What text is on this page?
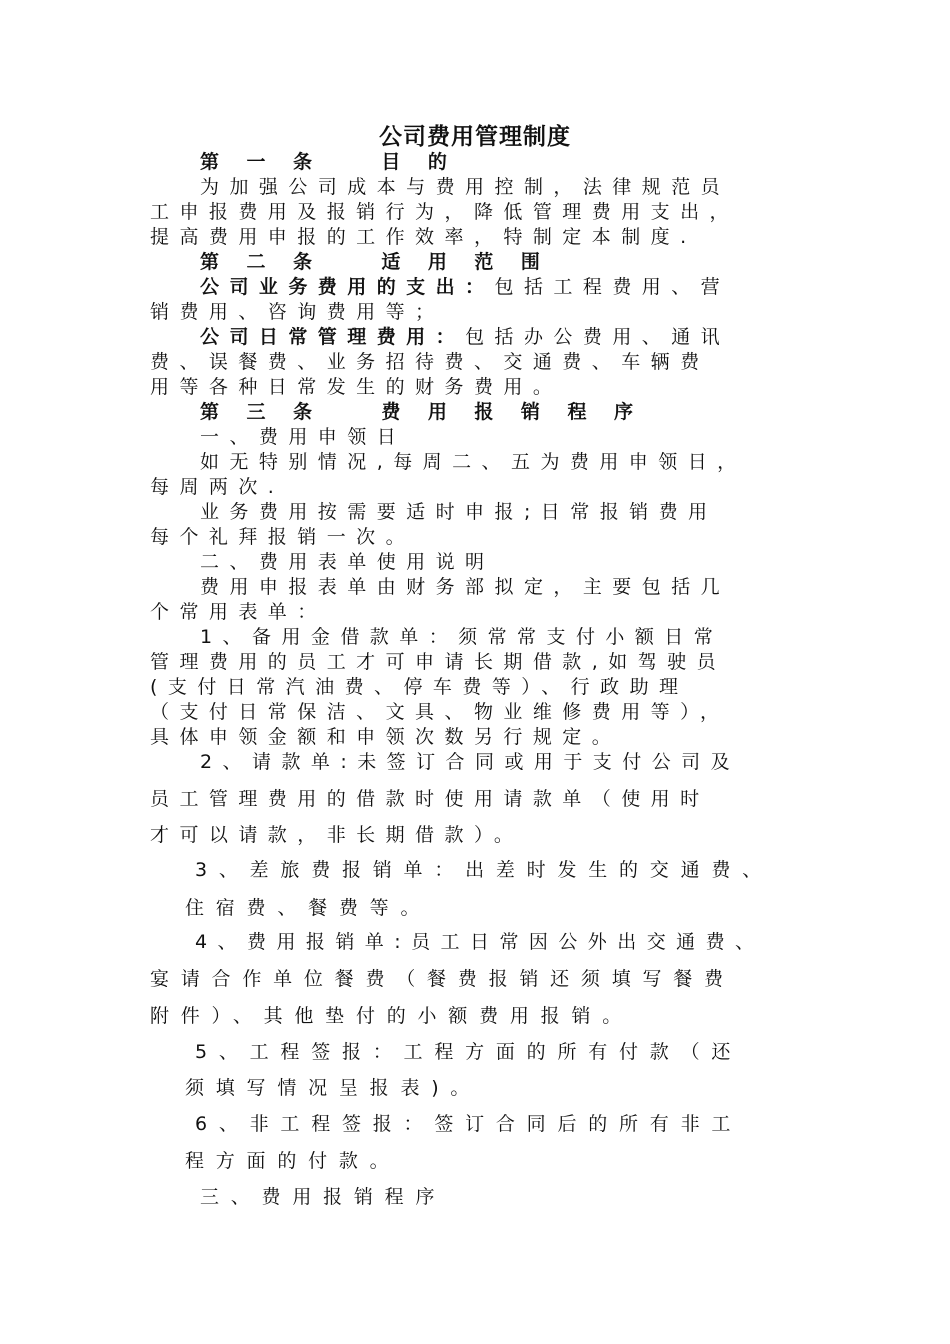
公司费用管理制度
第 一 条　　目 的
为加强公司成本与费用控制，法律规范员
工申报费用及报销行为，降低管理费用支出，
提高费用申报的工作效率，特制定本制度.
第 二 条　　适 用 范 围
公司业务费用的支出：包括工程费用、营
销费用、咨询费用等；
公司日常管理费用：包括办公费用、通讯
费、误餐费、业务招待费、交通费、车辆费
用等各种日常发生的财务费用。
第 三 条　　费 用 报 销 程 序
一、费用申领日
如无特别情况,每周二、五为费用申领日，
每周两次.
业务费用按需要适时申报;日常报销费用
每个礼拜报销一次。
二、费用表单使用说明
费用申报表单由财务部拟定，主要包括几
个常用表单：
1、备用金借款单：须常常支付小额日常
管理费用的员工才可申请长期借款,如驾驶员
(支付日常汽油费、停车费等）、行政助理
（支付日常保洁、文具、物业维修费用等），
具体申领金额和申领次数另行规定。
2、请款单:未签订合同或用于支付公司及
员工管理费用的借款时使用请款单（使用时
才可以请款，非长期借款）。
3、差旅费报销单：出差时发生的交通费、
住宿费、餐费等。
4、费用报销单:员工日常因公外出交通费、
宴请合作单位餐费（餐费报销还须填写餐费
附件）、其他垫付的小额费用报销。
5、工程签报：工程方面的所有付款（还
须填写情况呈报表)。
6、非工程签报：签订合同后的所有非工
程方面的付款。
三、费用报销程序
